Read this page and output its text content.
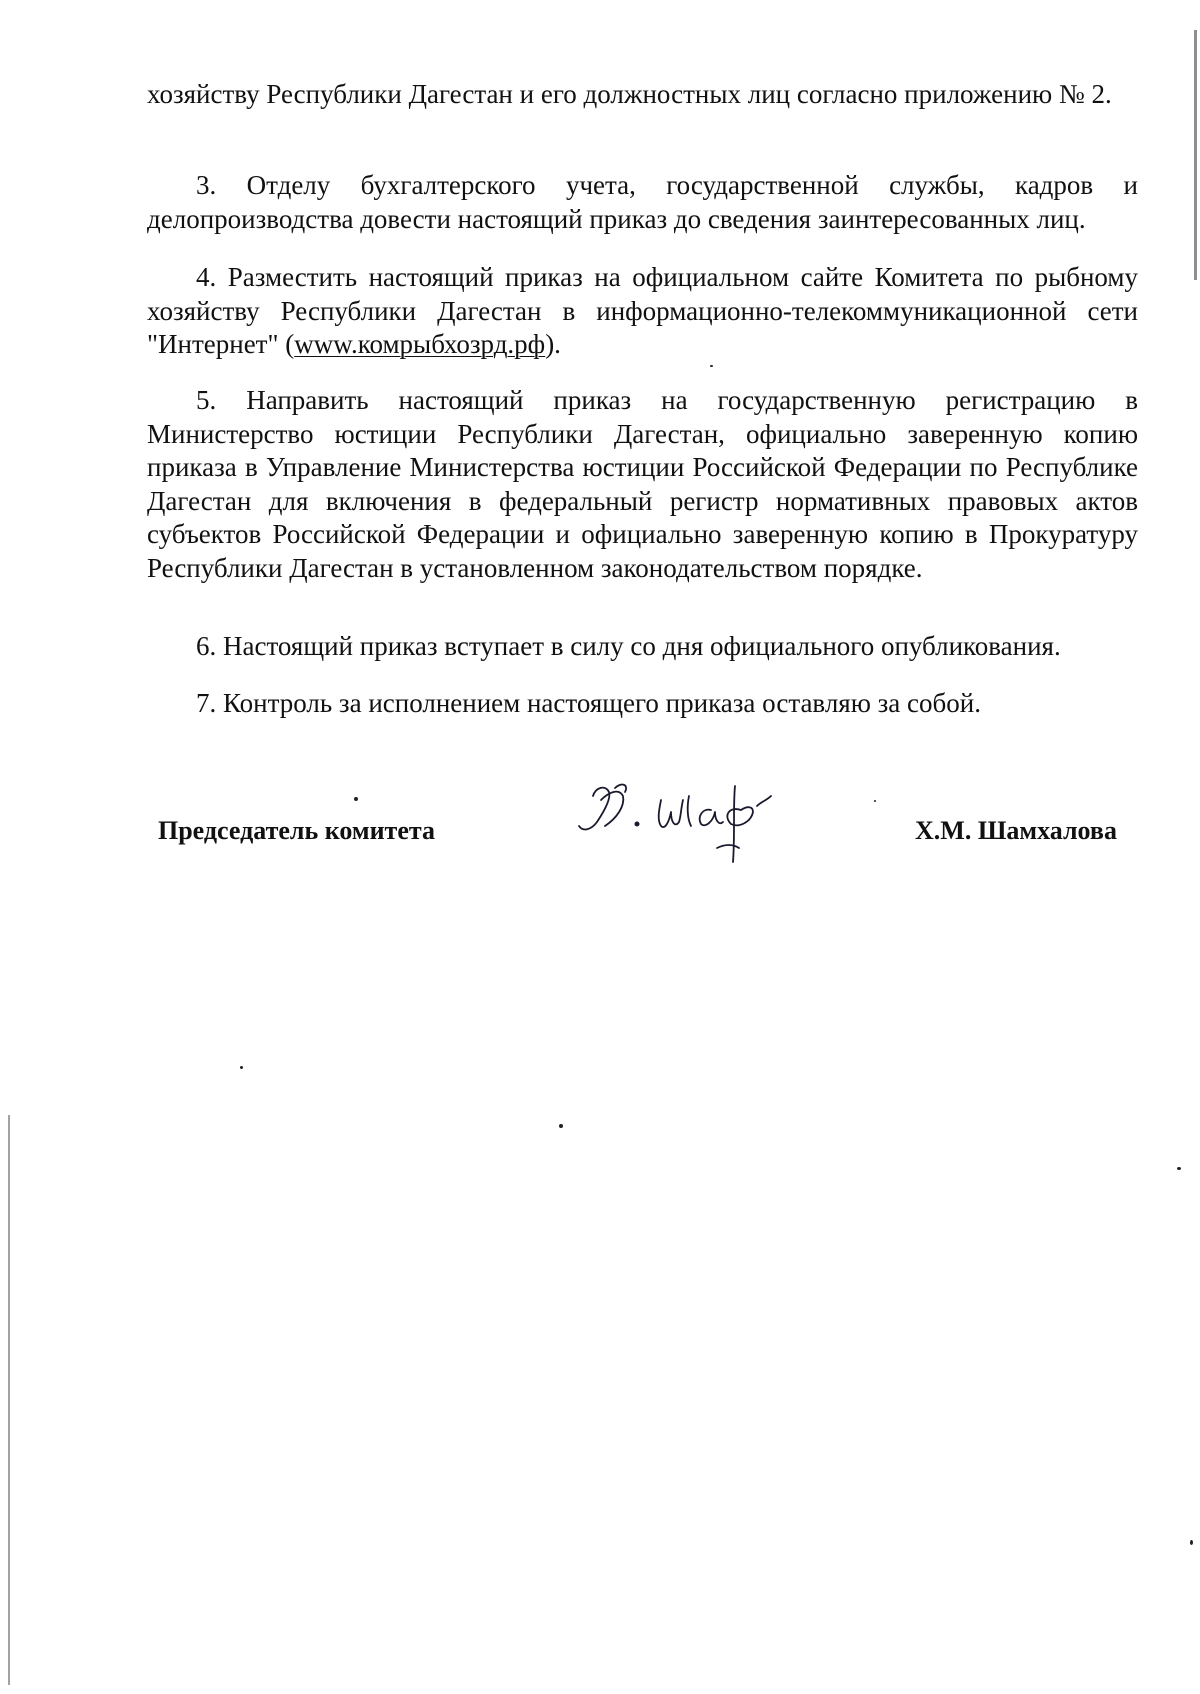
хозяйству Республики Дагестан и его должностных лиц согласно приложению № 2.

3. Отделу бухгалтерского учета, государственной службы, кадров и делопроизводства довести настоящий приказ до сведения заинтересованных лиц.

4. Разместить настоящий приказ на официальном сайте Комитета по рыбному хозяйству Республики Дагестан в информационно-телекоммуникационной сети "Интернет" (www.комрыбхозрд.рф).

5. Направить настоящий приказ на государственную регистрацию в Министерство юстиции Республики Дагестан, официально заверенную копию приказа в Управление Министерства юстиции Российской Федерации по Республике Дагестан для включения в федеральный регистр нормативных правовых актов субъектов Российской Федерации и официально заверенную копию в Прокуратуру Республики Дагестан в установленном законодательством порядке.

6. Настоящий приказ вступает в силу со дня официального опубликования.

7. Контроль за исполнением настоящего приказа оставляю за собой.

Председатель комитета	Х.М. Шамхалова
